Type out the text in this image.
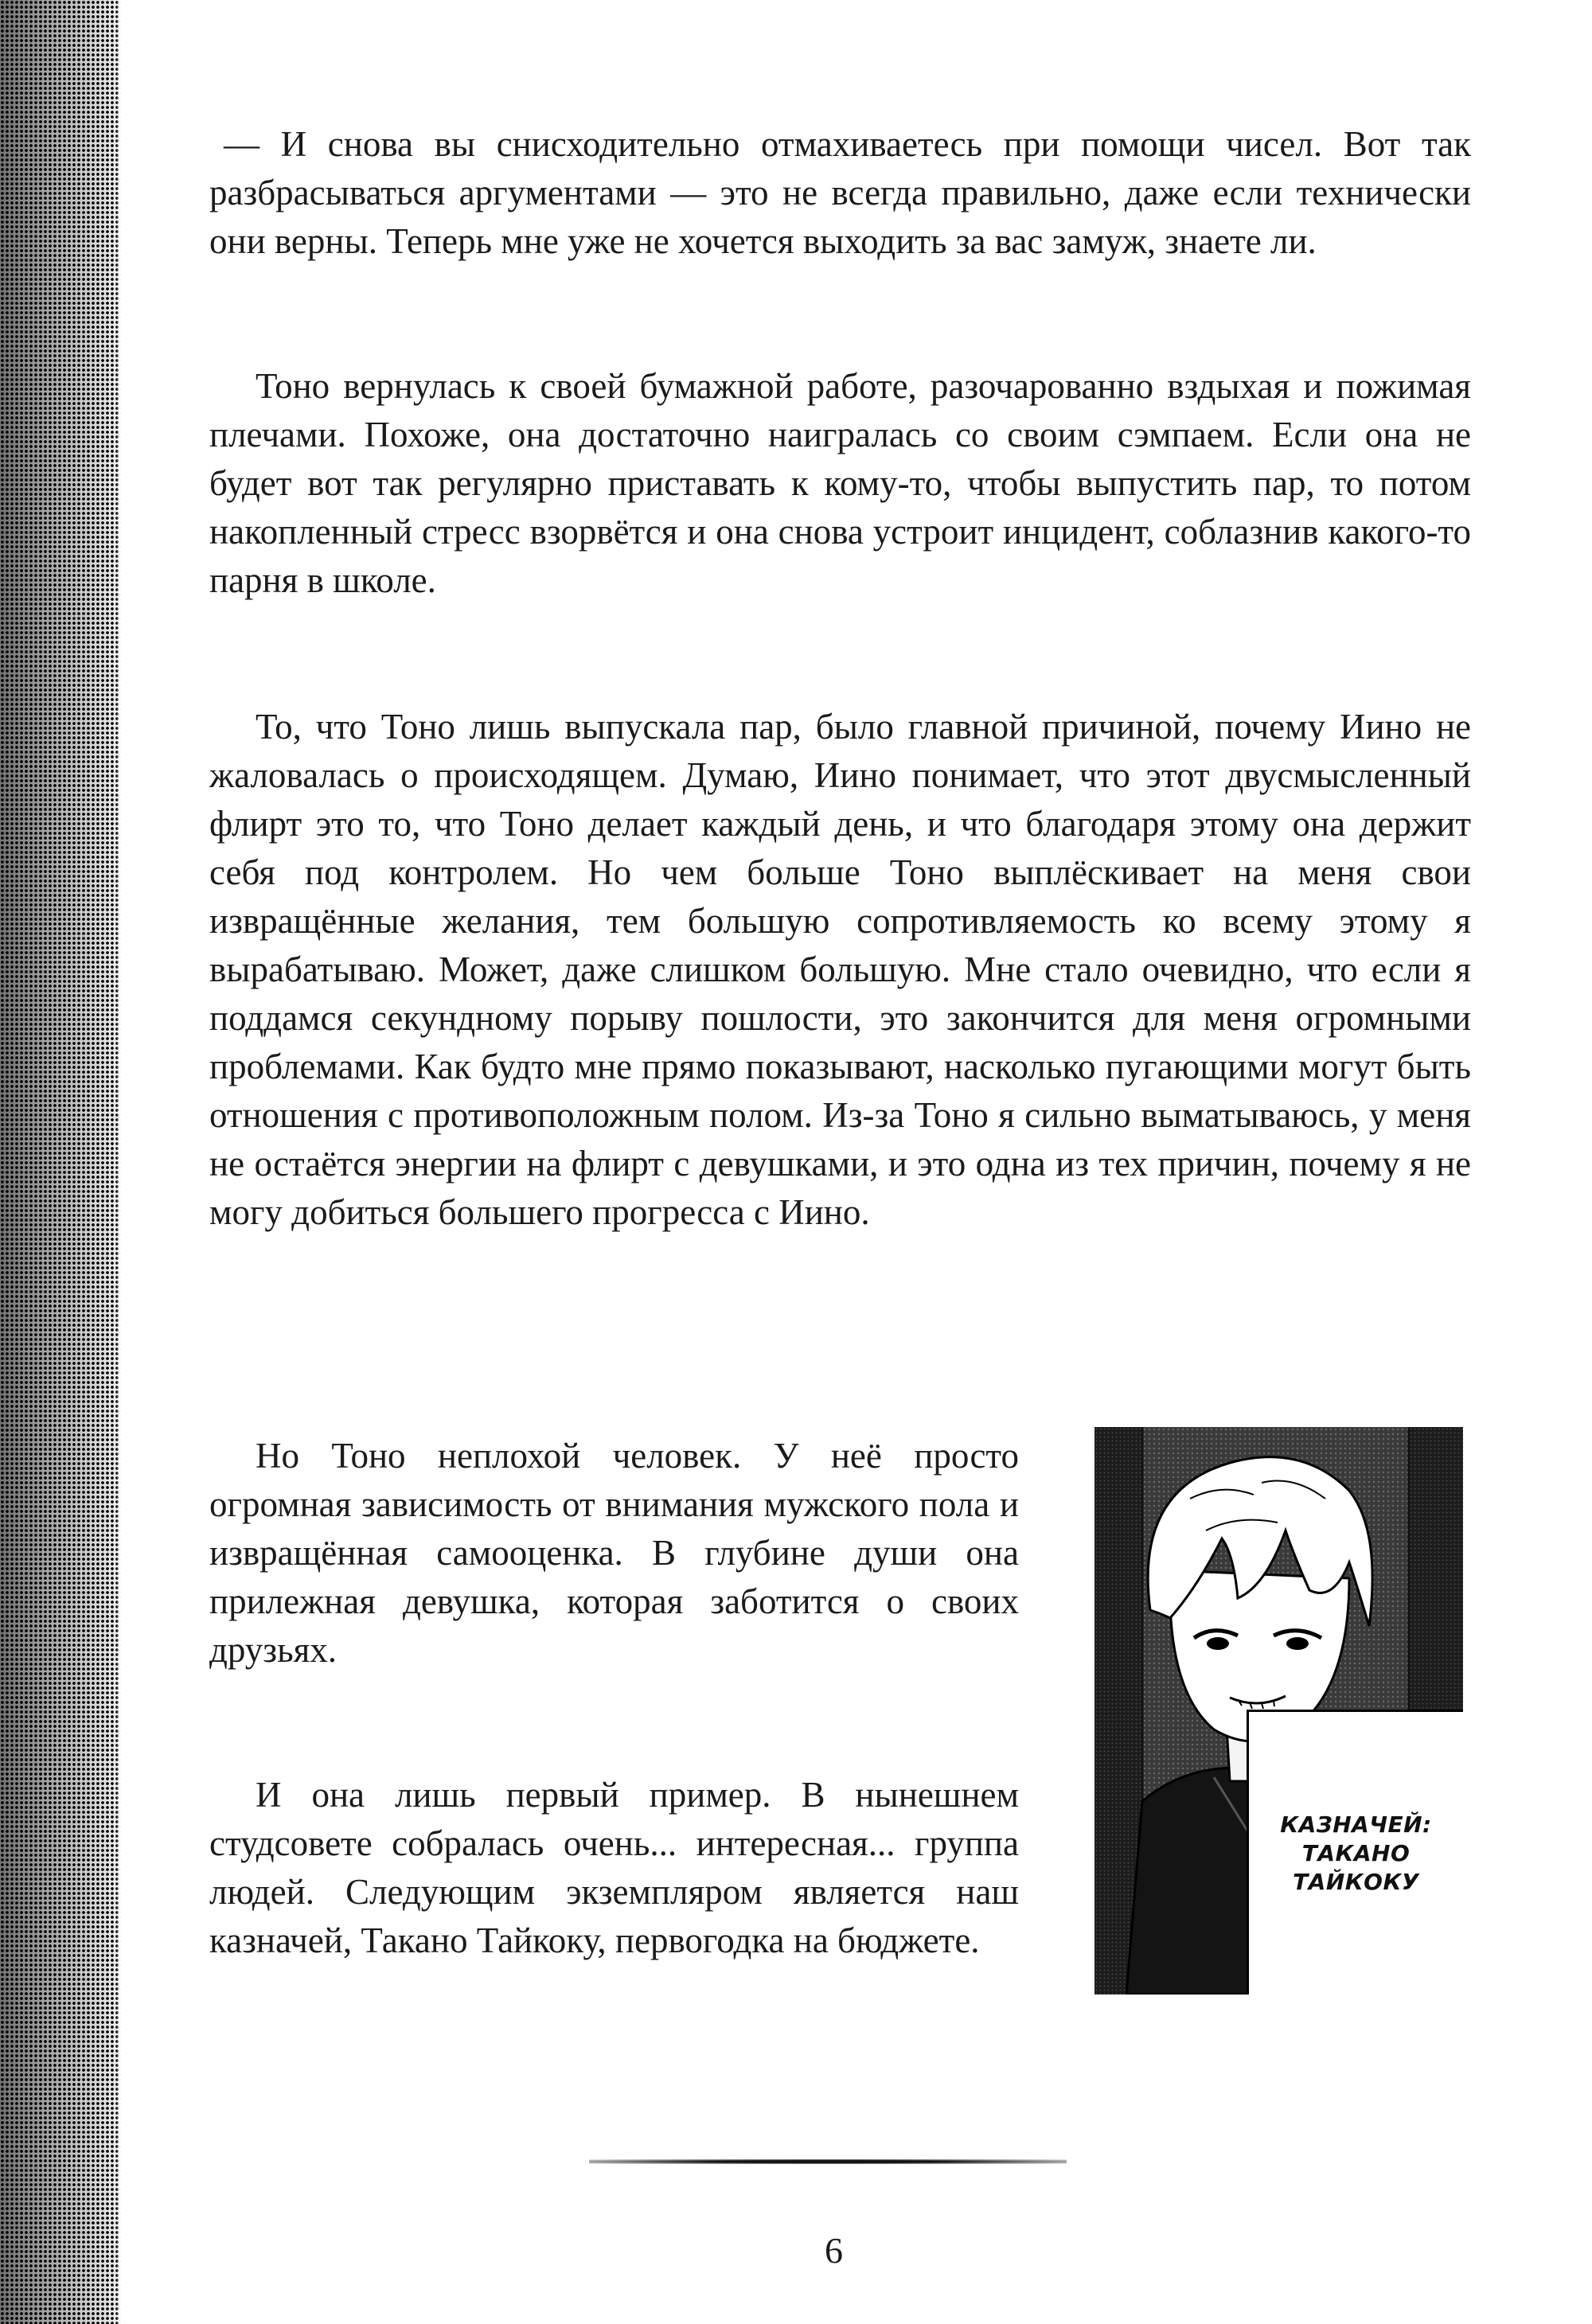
— И снова вы снисходительно отмахиваетесь при помощи чисел. Вот так разбрасываться аргументами — это не всегда правильно, даже если технически они верны. Теперь мне уже не хочется выходить за вас замуж, знаете ли.

Тоно вернулась к своей бумажной работе, разочарованно вздыхая и пожимая плечами. Похоже, она достаточно наигралась со своим сэмпаем. Если она не будет вот так регулярно приставать к кому-то, чтобы выпустить пар, то потом накопленный стресс взорвётся и она снова устроит инцидент, соблазнив какого-то парня в школе.

То, что Тоно лишь выпускала пар, было главной причиной, почему Иино не жаловалась о происходящем. Думаю, Иино понимает, что этот двусмысленный флирт это то, что Тоно делает каждый день, и что благодаря этому она держит себя под контролем. Но чем больше Тоно выплёскивает на меня свои извращённые желания, тем большую сопротивляемость ко всему этому я вырабатываю. Может, даже слишком большую. Мне стало очевидно, что если я поддамся секундному порыву пошлости, это закончится для меня огромными проблемами. Как будто мне прямо показывают, насколько пугающими могут быть отношения с противоположным полом. Из-за Тоно я сильно выматываюсь, у меня не остаётся энергии на флирт с девушками, и это одна из тех причин, почему я не могу добиться большего прогресса с Иино.

Но Тоно неплохой человек. У неё просто огромная зависимость от внимания мужского пола и извращённая самооценка. В глубине души она прилежная девушка, которая заботится о своих друзьях.

И она лишь первый пример. В нынешнем студсовете собралась очень... интересная... группа людей. Следующим экземпляром является наш казначей, Такано Тайкоку, первогодка на бюджете.

КАЗНАЧЕЙ:
ТАКАНО
ТАЙКОКУ

6
